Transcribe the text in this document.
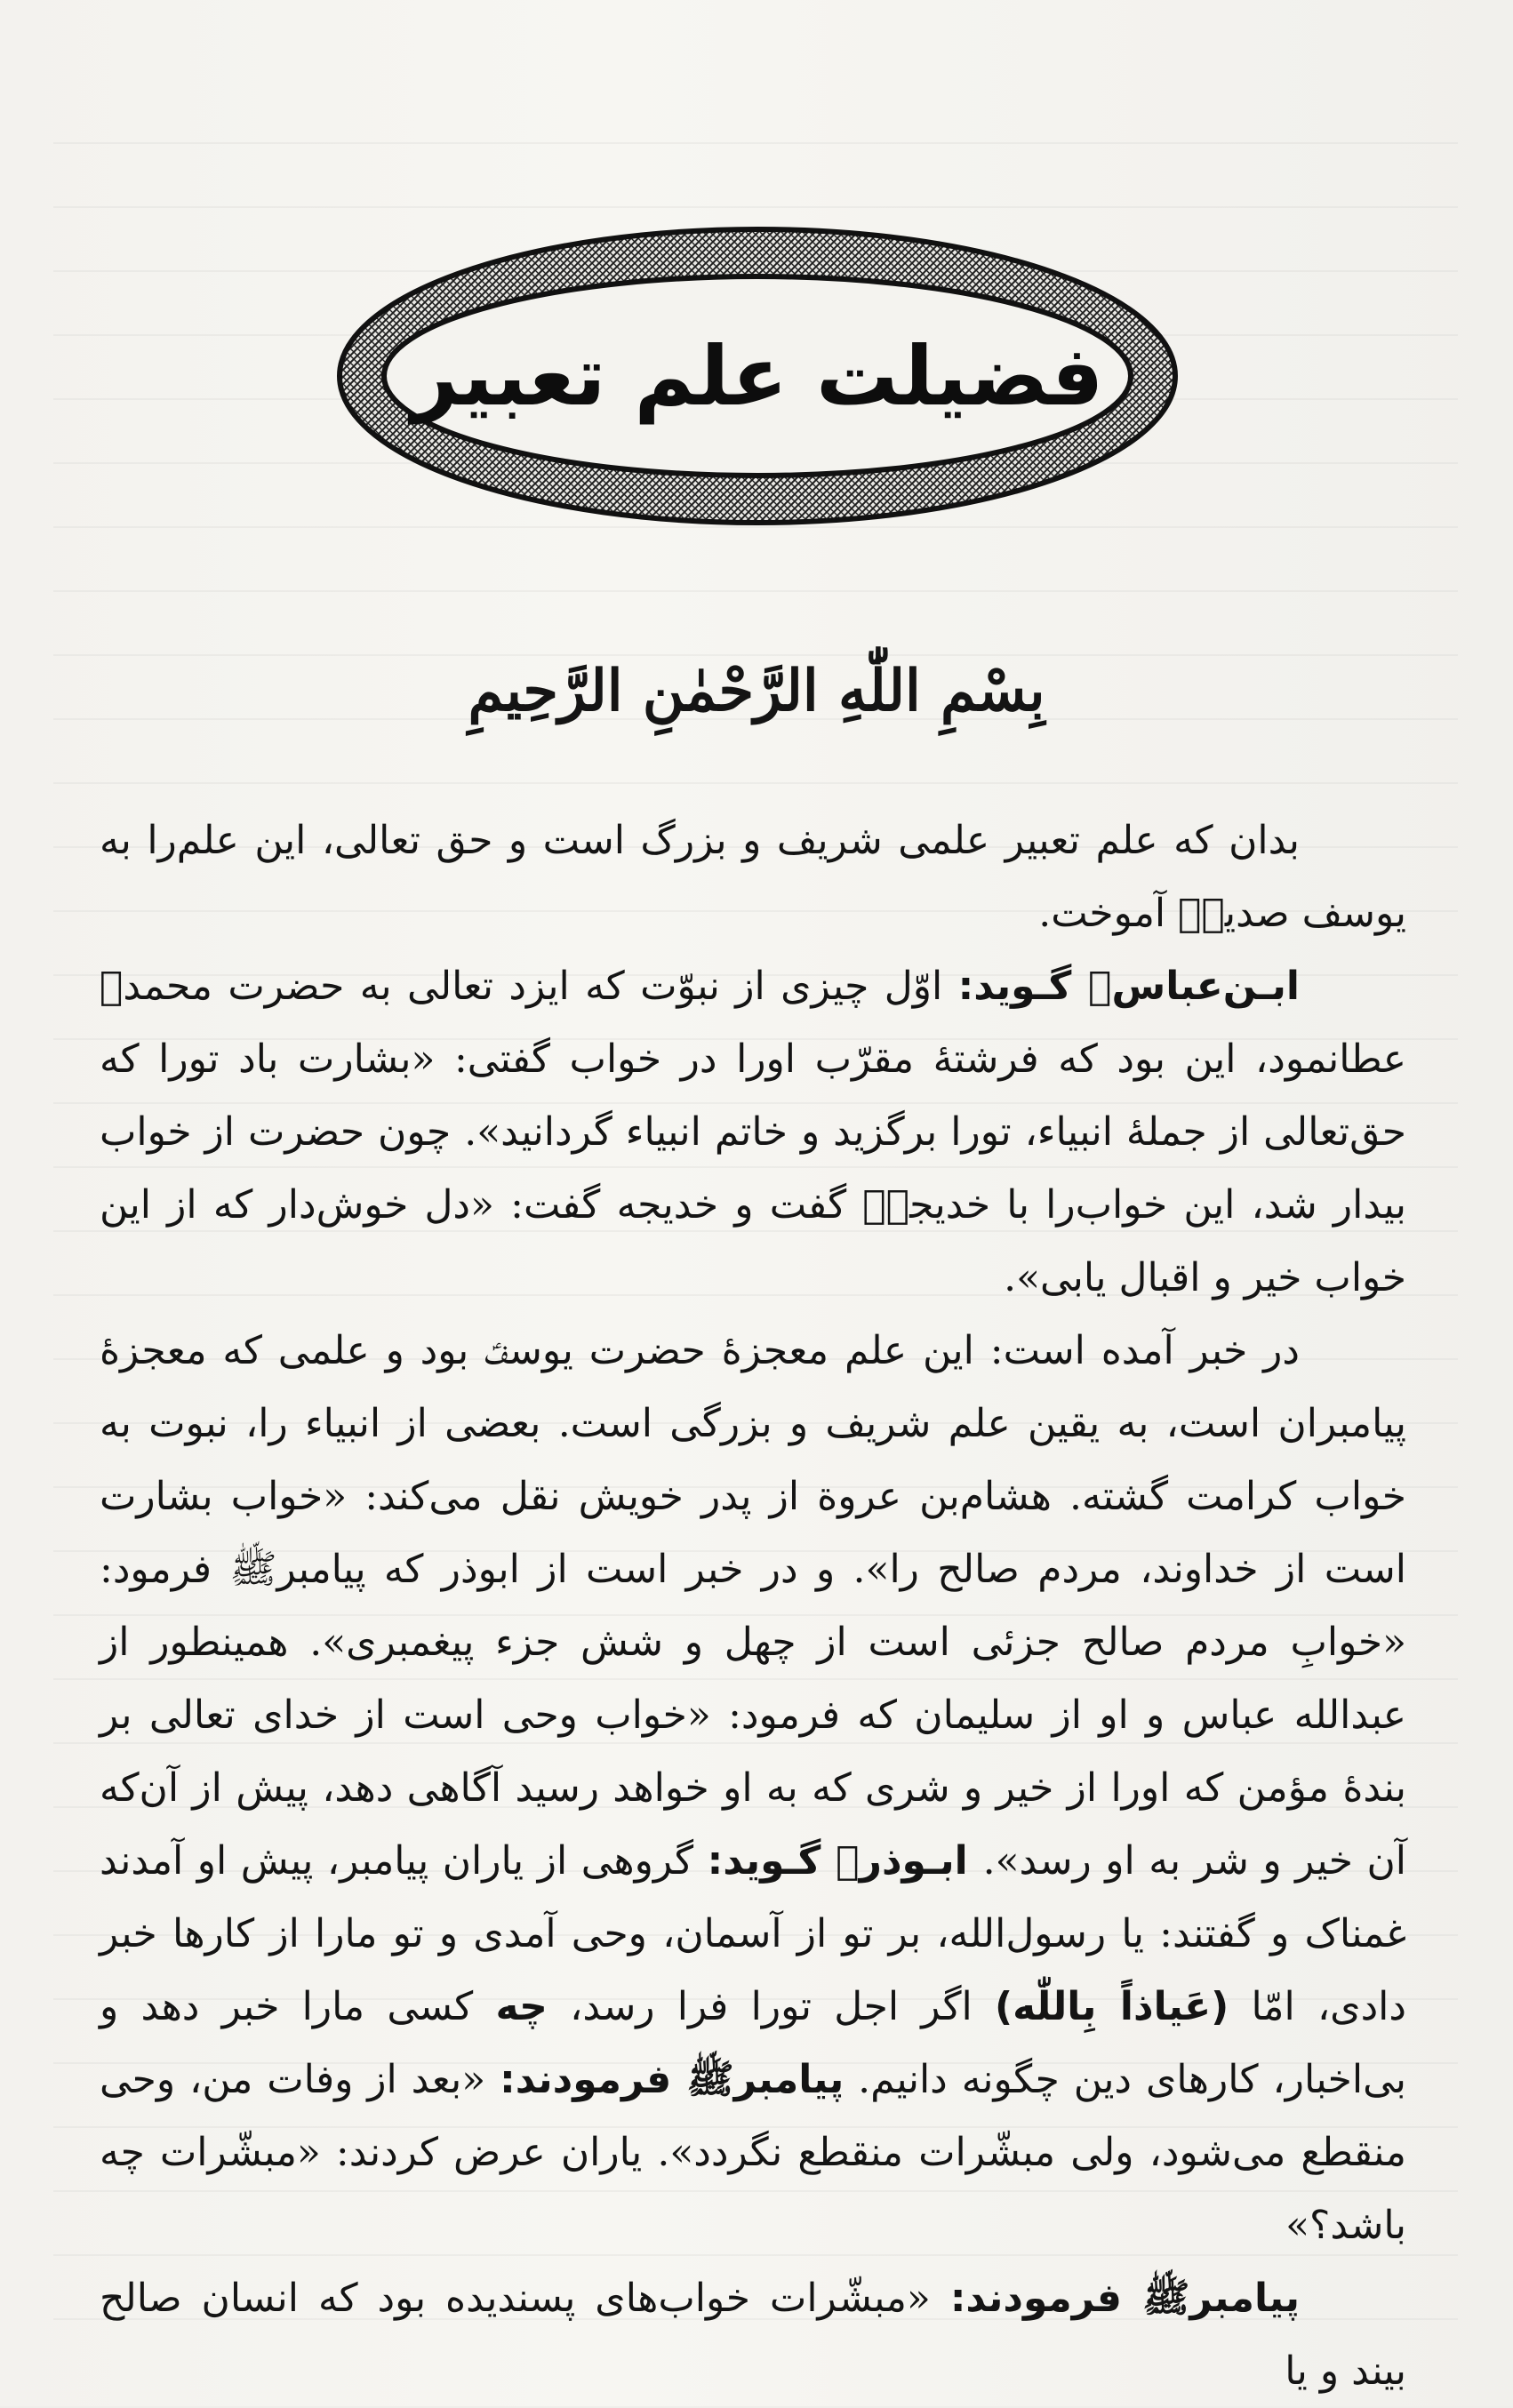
فضیلت علم تعبیر
بِسْمِ اللّٰهِ الرَّحْمٰنِ الرَّحِیمِ

بدان که علم تعبیر علمی شریف و بزرگ است و حق تعالی، این علم‌را به یوسف صدیقؑ آموخت.

ابـن‌عباسؓ گـوید: اوّل چیزی از نبوّت که ایزد تعالی به حضرت محمدﷺ عطانمود، این بود که فرشتهٔ مقرّب اورا در خواب گفتی: «بشارت باد تورا که حق‌تعالی از جملهٔ انبیاء، تورا برگزید و خاتم انبیاء گردانید». چون حضرت از خواب بیدار شد، این خواب‌را با خدیجهؓ گفت و خدیجه گفت: «دل خوش‌دار که از این خواب خیر و اقبال یابی».

در خبر آمده است: این علم معجزهٔ حضرت یوسفؑ بود و علمی که معجزهٔ پیامبران است، به یقین علم شریف و بزرگی است. بعضی از انبیاء را، نبوت به خواب کرامت گشته. هشام‌بن عروة از پدر خویش نقل می‌کند: «خواب بشارت است از خداوند، مردم صالح را». و در خبر است از ابوذر که پیامبرﷺ فرمود: «خوابِ مردم صالح جزئی است از چهل و شش جزء پیغمبری». همینطور از عبدالله عباس و او از سلیمان که فرمود: «خواب وحی است از خدای تعالی بر بندهٔ مؤمن که اورا از خیر و شری که به او خواهد رسید آگاهی دهد، پیش از آن‌که آن خیر و شر به او رسد». ابـوذرؓ گـوید: گروهی از یاران پیامبر، پیش او آمدند غمناک و گفتند: یا رسول‌الله، بر تو از آسمان، وحی آمدی و تو مارا از کارها خبر دادی، امّا (عَیاذاً بِاللّٰه) اگر اجل تورا فرا رسد، چه کسی مارا خبر دهد و بی‌اخبار، کارهای دین چگونه دانیم. پیامبرﷺ فرمودند: «بعد از وفات من، وحی منقطع می‌شود، ولی مبشّرات منقطع نگردد». یاران عرض کردند: «مبشّرات چه باشد؟»

پیامبرﷺ فرمودند: «مبشّرات خواب‌های پسندیده بود که انسان صالح بیند و یا
